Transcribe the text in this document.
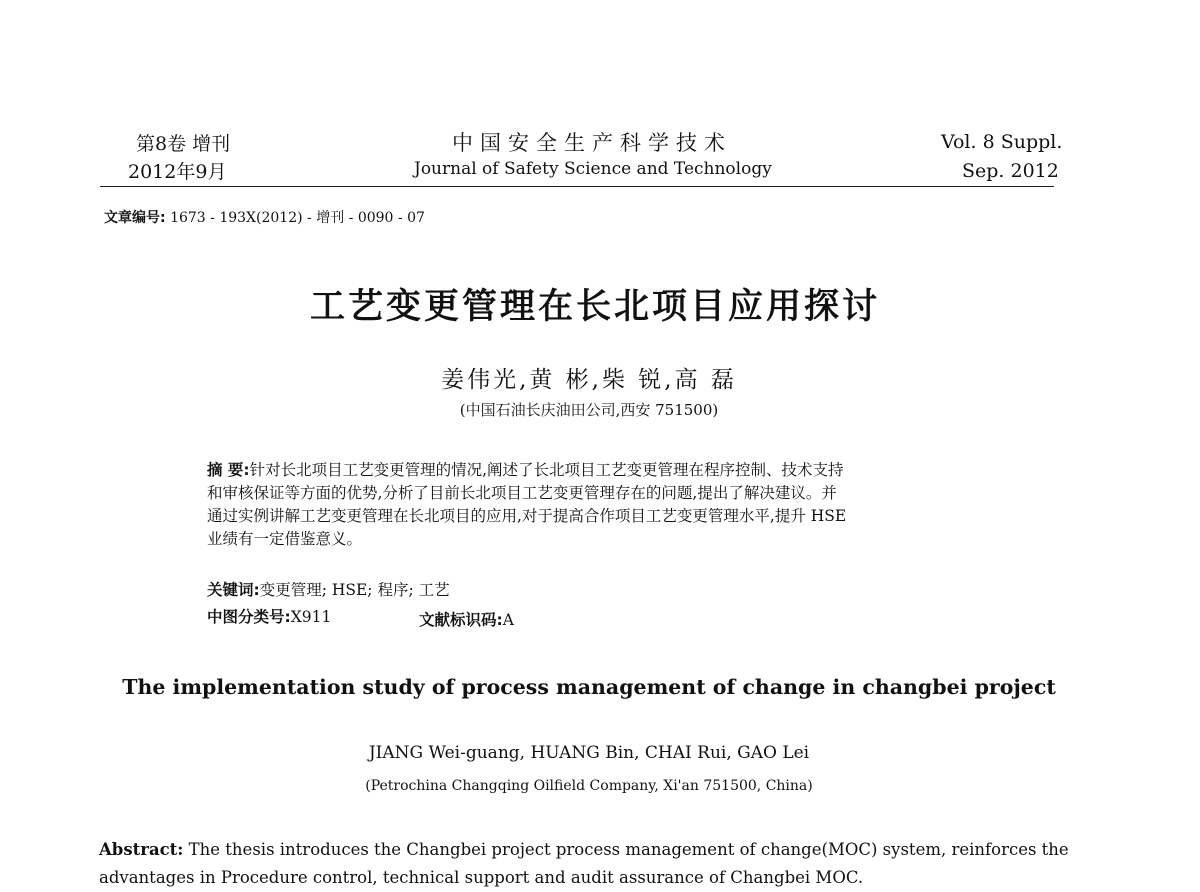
第8卷 增刊
2012年9月
中国安全生产科学技术
Journal of Safety Science and Technology
Vol. 8 Suppl.
Sep. 2012
文章编号: 1673 - 193X(2012) - 增刊 - 0090 - 07
工艺变更管理在长北项目应用探讨
姜伟光,黄 彬,柴 锐,高 磊
(中国石油长庆油田公司,西安 751500)
摘 要:针对长北项目工艺变更管理的情况,阐述了长北项目工艺变更管理在程序控制、技术支持
和审核保证等方面的优势,分析了目前长北项目工艺变更管理存在的问题,提出了解决建议。并
通过实例讲解工艺变更管理在长北项目的应用,对于提高合作项目工艺变更管理水平,提升 HSE
业绩有一定借鉴意义。
关键词:变更管理; HSE; 程序; 工艺
中图分类号:X911	文献标识码:A
The implementation study of process management of change in changbei project
JIANG Wei-guang, HUANG Bin, CHAI Rui, GAO Lei
(Petrochina Changqing Oilfield Company, Xi'an 751500, China)
Abstract: The thesis introduces the Changbei project process management of change(MOC) system, reinforces the
advantages in Procedure control, technical support and audit assurance of Changbei MOC.
